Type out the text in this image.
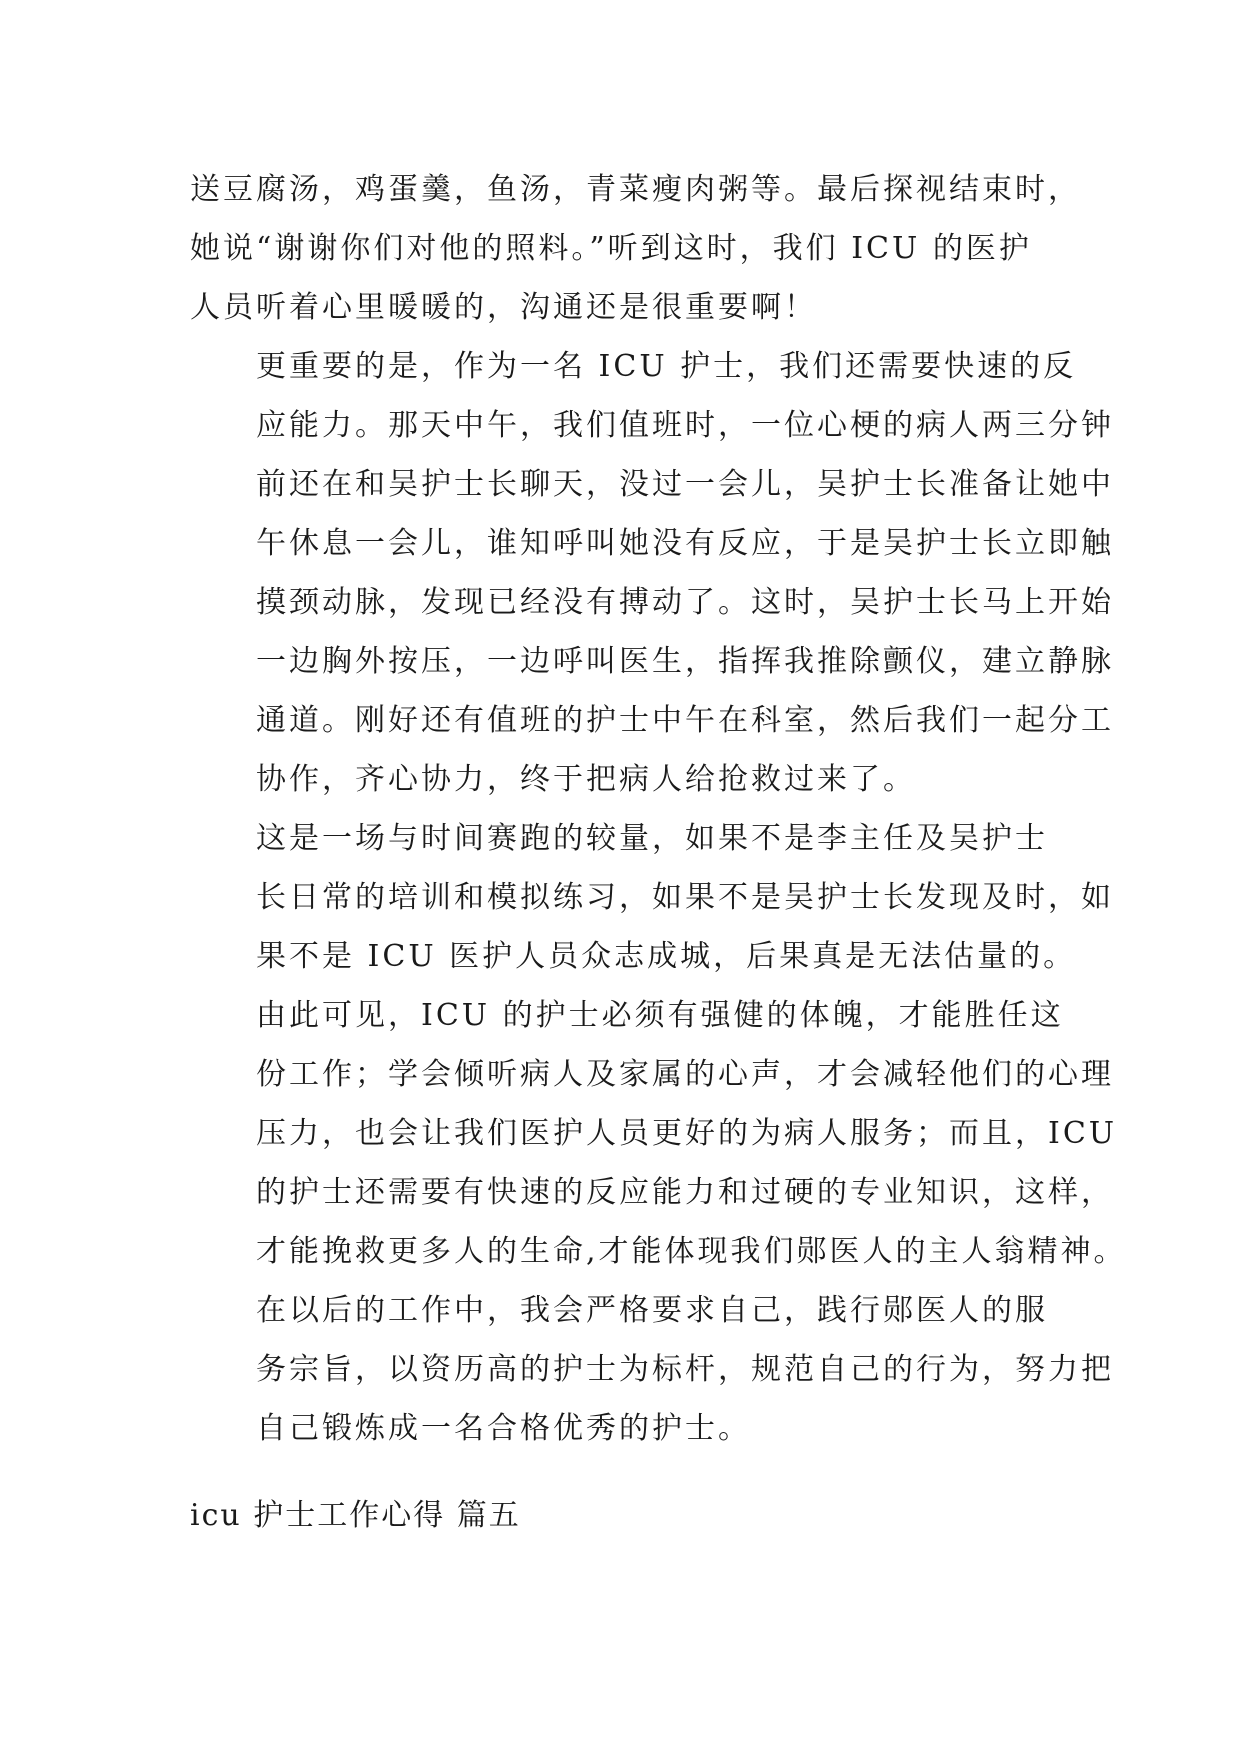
送豆腐汤，鸡蛋羹，鱼汤，青菜瘦肉粥等。最后探视结束时，
她说“谢谢你们对他的照料。”听到这时，我们 ICU 的医护
人员听着心里暖暖的，沟通还是很重要啊！
更重要的是，作为一名 ICU 护士，我们还需要快速的反
应能力。那天中午，我们值班时，一位心梗的病人两三分钟
前还在和吴护士长聊天，没过一会儿，吴护士长准备让她中
午休息一会儿，谁知呼叫她没有反应，于是吴护士长立即触
摸颈动脉，发现已经没有搏动了。这时，吴护士长马上开始
一边胸外按压，一边呼叫医生，指挥我推除颤仪，建立静脉
通道。刚好还有值班的护士中午在科室，然后我们一起分工
协作，齐心协力，终于把病人给抢救过来了。
这是一场与时间赛跑的较量，如果不是李主任及吴护士
长日常的培训和模拟练习，如果不是吴护士长发现及时，如
果不是 ICU 医护人员众志成城，后果真是无法估量的。
由此可见，ICU 的护士必须有强健的体魄，才能胜任这
份工作；学会倾听病人及家属的心声，才会减轻他们的心理
压力，也会让我们医护人员更好的为病人服务；而且，ICU
的护士还需要有快速的反应能力和过硬的专业知识，这样，
才能挽救更多人的生命,才能体现我们郧医人的主人翁精神。
在以后的工作中，我会严格要求自己，践行郧医人的服
务宗旨，以资历高的护士为标杆，规范自己的行为，努力把
自己锻炼成一名合格优秀的护士。
icu 护士工作心得 篇五
